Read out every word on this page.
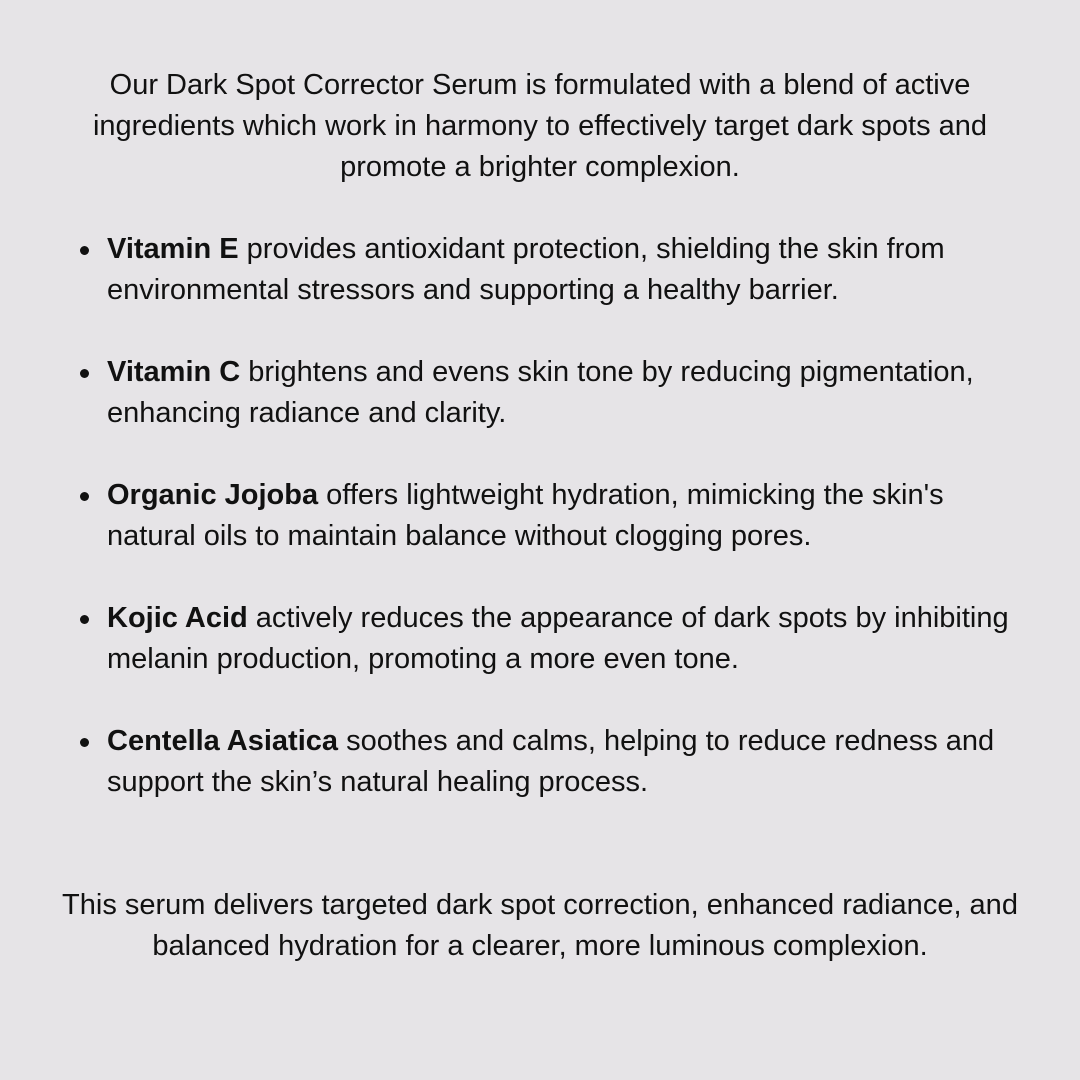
Our Dark Spot Corrector Serum is formulated with a blend of active ingredients which work in harmony to effectively target dark spots and promote a brighter complexion.

Vitamin E provides antioxidant protection, shielding the skin from environmental stressors and supporting a healthy barrier.
Vitamin C brightens and evens skin tone by reducing pigmentation, enhancing radiance and clarity.
Organic Jojoba offers lightweight hydration, mimicking the skin's natural oils to maintain balance without clogging pores.
Kojic Acid actively reduces the appearance of dark spots by inhibiting melanin production, promoting a more even tone.
Centella Asiatica soothes and calms, helping to reduce redness and support the skin’s natural healing process.

This serum delivers targeted dark spot correction, enhanced radiance, and balanced hydration for a clearer, more luminous complexion.
